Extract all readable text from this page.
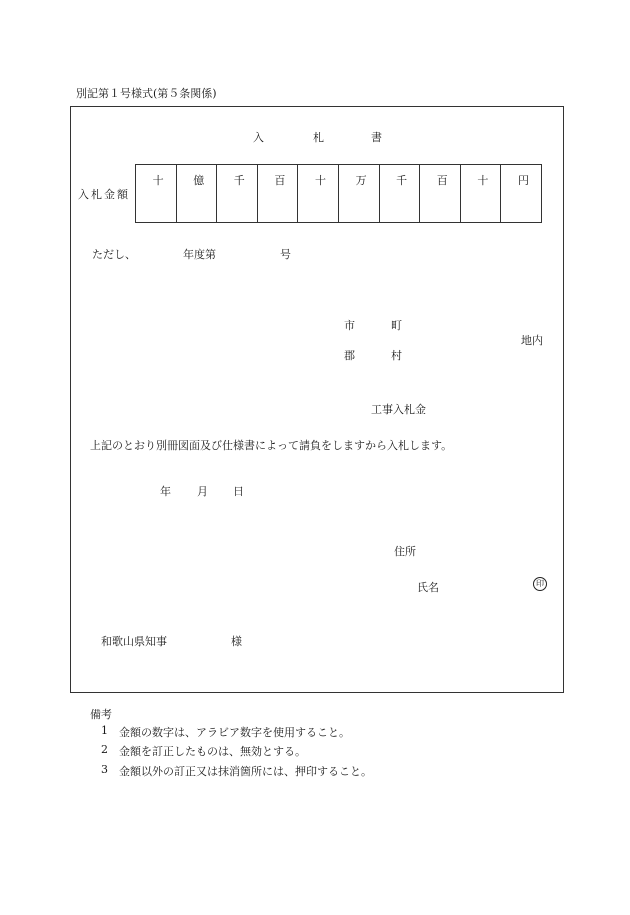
別記第１号様式(第５条関係)
入	札	書
入札金額
十	億	千	百	十	万	千	百	十	円
ただし、	年度第	号
市	町
郡	村
地内
工事入札金
上記のとおり別冊図面及び仕様書によって請負をしますから入札します。
年 月 日
住所
氏名	印
和歌山県知事	様
備考
1 金額の数字は、アラビア数字を使用すること。
2 金額を訂正したものは、無効とする。
3 金額以外の訂正又は抹消箇所には、押印すること。
